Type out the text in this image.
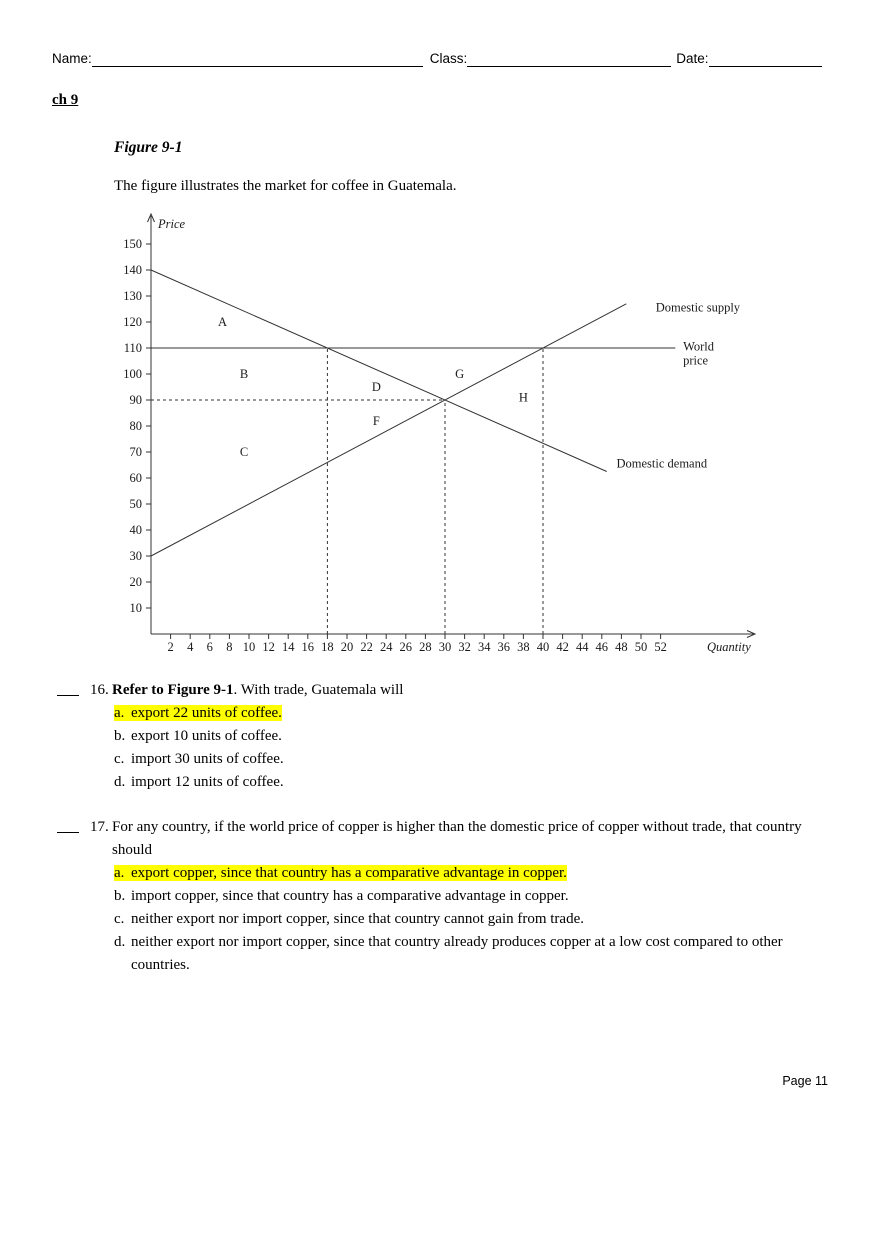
Name:	Class:	Date:
ch 9
Figure 9-1
The figure illustrates the market for coffee in Guatemala.
Price
Quantity
10
20
30
40
50
60
70
80
90
100
110
120
130
140
150
2 4 6 8 10 12 14 16 18 20 22 24 26 28 30 32 34 36 38 40 42 44 46 48 50 52
Domestic supply
Domestic demand
World
price
A
B
C
D
F
G
H
16. Refer to Figure 9-1. With trade, Guatemala will
a. export 22 units of coffee.
b. export 10 units of coffee.
c. import 30 units of coffee.
d. import 12 units of coffee.
17. For any country, if the world price of copper is higher than the domestic price of copper without trade, that country should
a. export copper, since that country has a comparative advantage in copper.
b. import copper, since that country has a comparative advantage in copper.
c. neither export nor import copper, since that country cannot gain from trade.
d. neither export nor import copper, since that country already produces copper at a low cost compared to other countries.
Page 11
